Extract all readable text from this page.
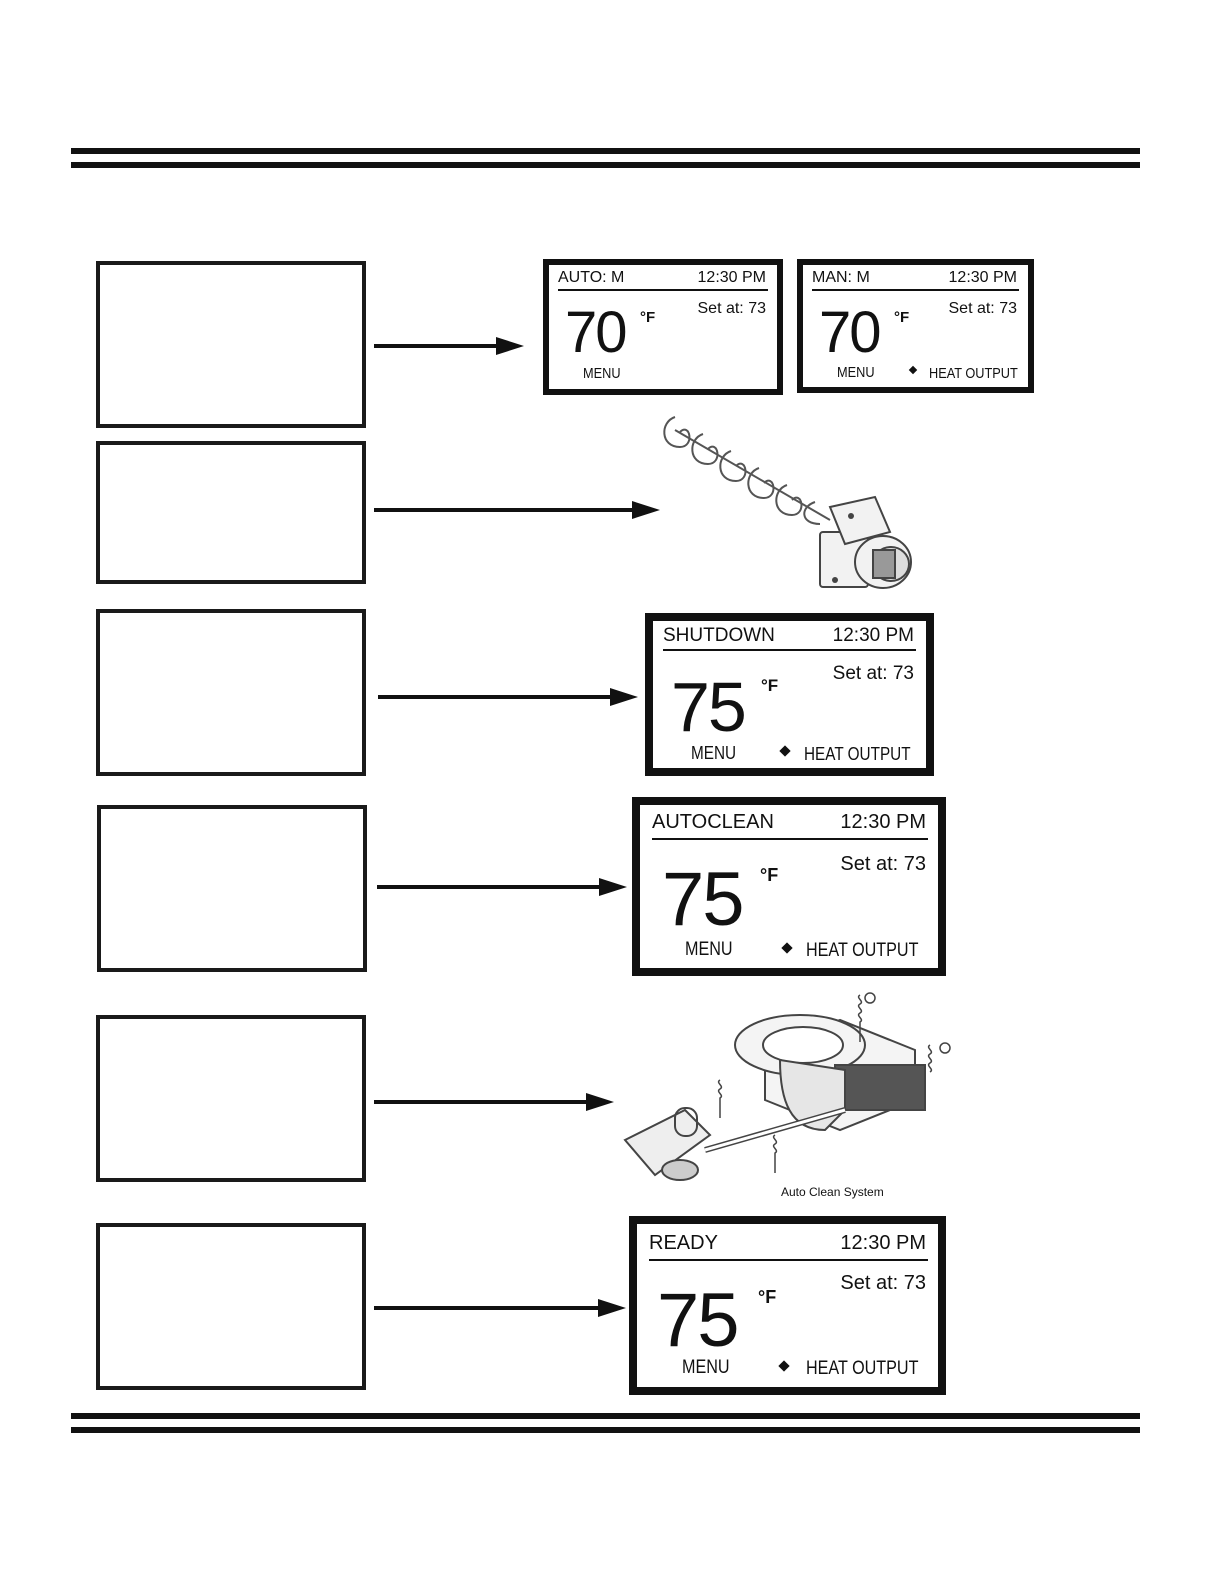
AUTO: M	12:30 PM
Set at: 73
70 °F
MENU
MAN: M	12:30 PM
Set at: 73
70 °F
MENU	HEAT OUTPUT
SHUTDOWN	12:30 PM
Set at: 73
75 °F
MENU	HEAT OUTPUT
AUTOCLEAN	12:30 PM
Set at: 73
75 °F
MENU	HEAT OUTPUT
READY	12:30 PM
Set at: 73
75 °F
MENU	HEAT OUTPUT
Auto Clean System
